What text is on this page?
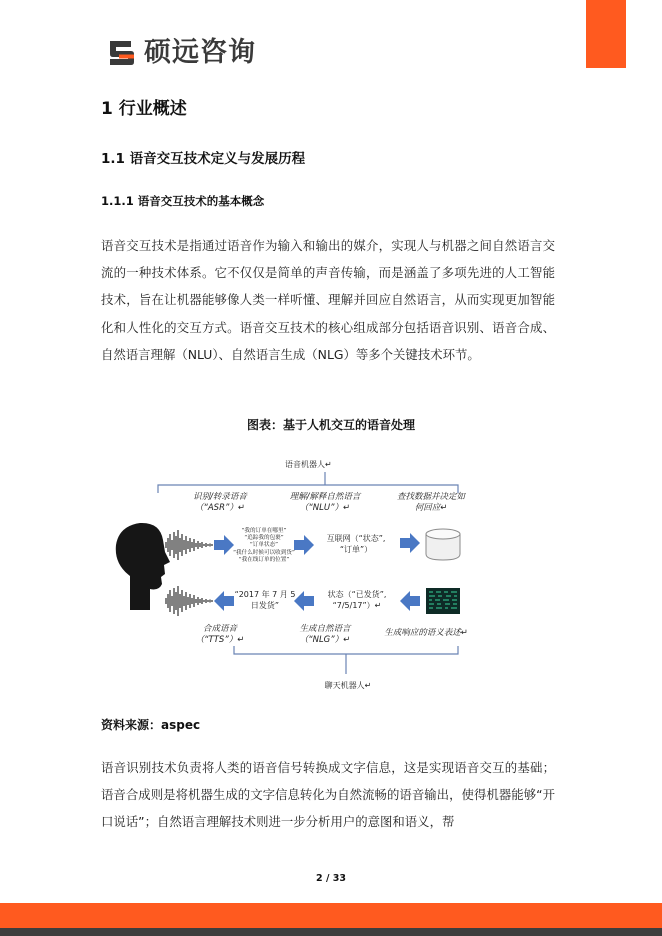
硕远咨询
1 行业概述
1.1 语音交互技术定义与发展历程
1.1.1 语音交互技术的基本概念

语音交互技术是指通过语音作为输入和输出的媒介，实现人与机器之间自然语言交流的一种技术体系。它不仅仅是简单的声音传输，而是涵盖了多项先进的人工智能技术，旨在让机器能够像人类一样听懂、理解并回应自然语言，从而实现更加智能化和人性化的交互方式。语音交互技术的核心组成部分包括语音识别、语音合成、自然语言理解（NLU）、自然语言生成（NLG）等多个关键技术环节。

图表：基于人机交互的语音处理
语音机器人↵
识别/转录语音
（“ASR”）↵
理解/解释自然语言
（“NLU”）↵
查找数据并决定如
何回应↵
“我的订单在哪里”
“追踪我的包裹”
“订单状态”
“我什么时候可以收到货”
“我在线订单的位置”
互联网（“状态”,
“订单”）
“2017 年 7 月 5
日发货”
状态（“已发货”,
“7/5/17”）↵
合成语音
（“TTS”）↵
生成自然语言
（“NLG”）↵
生成响应的语义表述↵
聊天机器人↵
资料来源：aspec

语音识别技术负责将人类的语音信号转换成文字信息，这是实现语音交互的基础；语音合成则是将机器生成的文字信息转化为自然流畅的语音输出，使得机器能够“开口说话”；自然语言理解技术则进一步分析用户的意图和语义，帮

2 / 33
